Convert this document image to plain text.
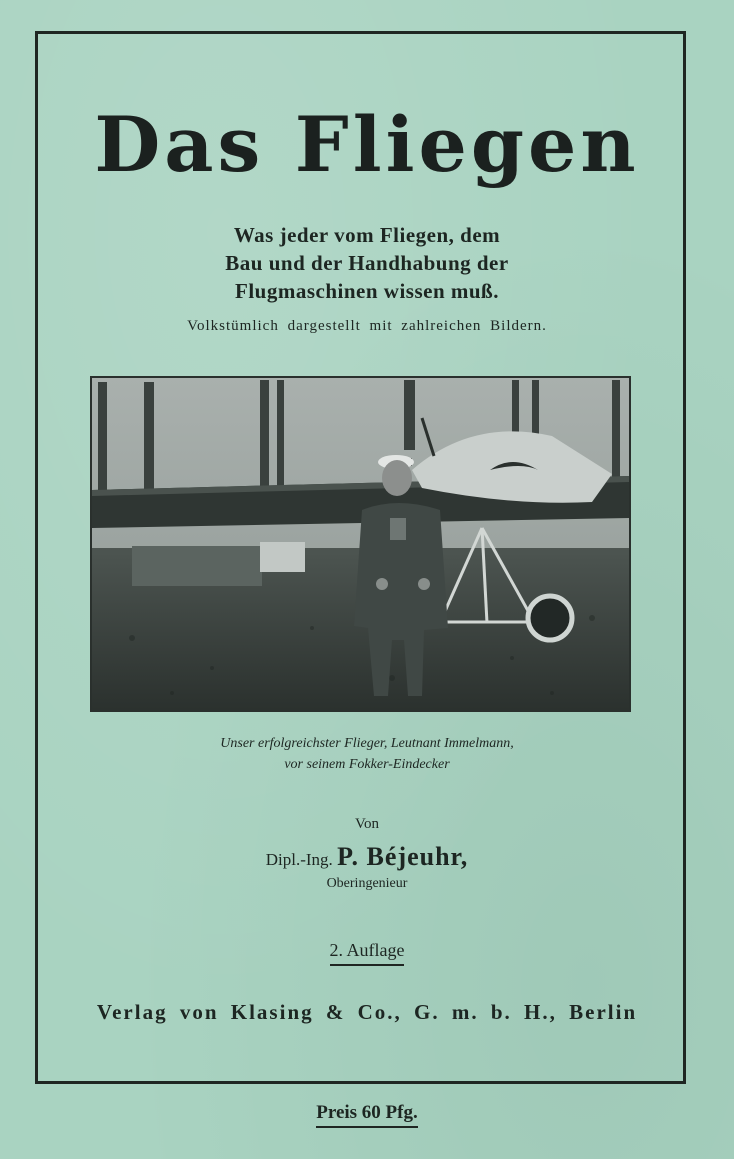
Das Fliegen
Was jeder vom Fliegen, dem
Bau und der Handhabung der
Flugmaschinen wissen muß.
Volkstümlich dargestellt mit zahlreichen Bildern.
Unser erfolgreichster Flieger, Leutnant Immelmann,
vor seinem Fokker-Eindecker
Von
Dipl.-Ing. P. Béjeuhr,
Oberingenieur
2. Auflage
Verlag von Klasing & Co., G. m. b. H., Berlin
Preis 60 Pfg.
